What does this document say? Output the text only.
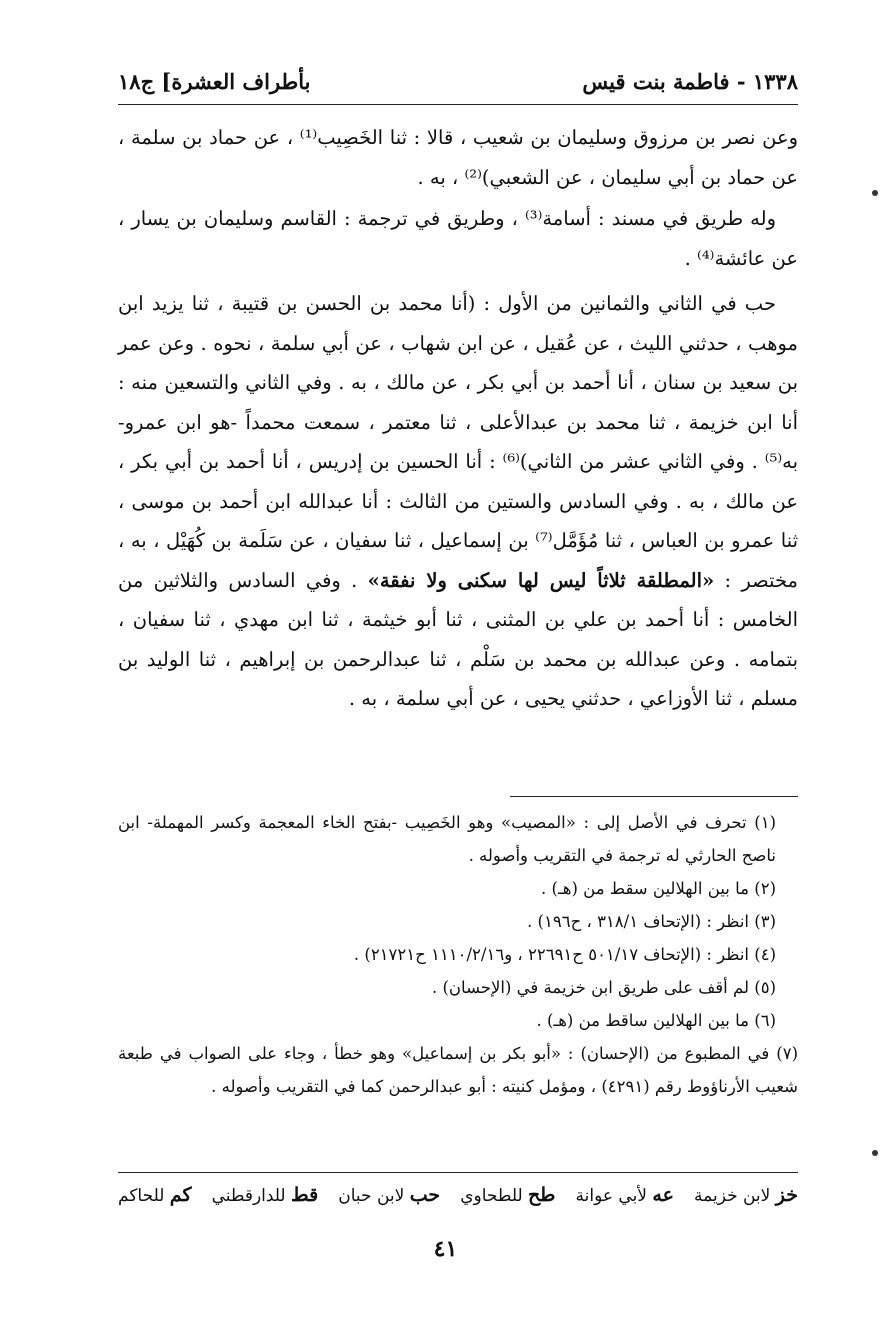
بأطراف العشرة] ج١٨	١٣٣٨ - فاطمة بنت قيس

وعن نصر بن مرزوق وسليمان بن شعيب ، قالا : ثنا الخَصِيب⁽¹⁾ ، عن حماد بن سلمة ، عن حماد بن أبي سليمان ، عن الشعبي)⁽²⁾ ، به .

وله طريق في مسند : أسامة⁽³⁾ ، وطريق في ترجمة : القاسم وسليمان بن يسار ، عن عائشة⁽⁴⁾ .

حب في الثاني والثمانين من الأول : (أنا محمد بن الحسن بن قتيبة ، ثنا يزيد ابن موهب ، حدثني الليث ، عن عُقيل ، عن ابن شهاب ، عن أبي سلمة ، نحوه . وعن عمر بن سعيد بن سنان ، أنا أحمد بن أبي بكر ، عن مالك ، به . وفي الثاني والتسعين منه : أنا ابن خزيمة ، ثنا محمد بن عبدالأعلى ، ثنا معتمر ، سمعت محمداً -هو ابن عمرو- به⁽⁵⁾ . وفي الثاني عشر من الثاني)⁽⁶⁾ : أنا الحسين بن إدريس ، أنا أحمد بن أبي بكر ، عن مالك ، به . وفي السادس والستين من الثالث : أنا عبدالله ابن أحمد بن موسى ، ثنا عمرو بن العباس ، ثنا مُؤَمَّل⁽⁷⁾ بن إسماعيل ، ثنا سفيان ، عن سَلَمة بن كُهَيْل ، به ، مختصر : «المطلقة ثلاثاً ليس لها سكنى ولا نفقة» . وفي السادس والثلاثين من الخامس : أنا أحمد بن علي بن المثنى ، ثنا أبو خيثمة ، ثنا ابن مهدي ، ثنا سفيان ، بتمامه . وعن عبدالله بن محمد بن سَلْم ، ثنا عبدالرحمن بن إبراهيم ، ثنا الوليد بن مسلم ، ثنا الأوزاعي ، حدثني يحيى ، عن أبي سلمة ، به .

(١) تحرف في الأصل إلى : «المصيب» وهو الخَصِيب -بفتح الخاء المعجمة وكسر المهملة- ابن ناصح الحارثي له ترجمة في التقريب وأصوله .

(٢) ما بين الهلالين سقط من (هـ) .

(٣) انظر : (الإتحاف ٣١٨/١ ، ح١٩٦) .

(٤) انظر : (الإتحاف ٥٠١/١٧ ح٢٢٦٩١ ، و١١١٠/٢/١٦ ح٢١٧٢١) .

(٥) لم أقف على طريق ابن خزيمة في (الإحسان) .

(٦) ما بين الهلالين ساقط من (هـ) .

(٧) في المطبوع من (الإحسان) : «أبو بكر بن إسماعيل» وهو خطأ ، وجاء على الصواب في طبعة شعيب الأرناؤوط رقم (٤٢٩١) ، ومؤمل كنيته : أبو عبدالرحمن كما في التقريب وأصوله .

خز لابن خزيمة
عه لأبي عوانة
طح للطحاوي
حب لابن حبان
قط للدارقطني
كم للحاكم
٤١
